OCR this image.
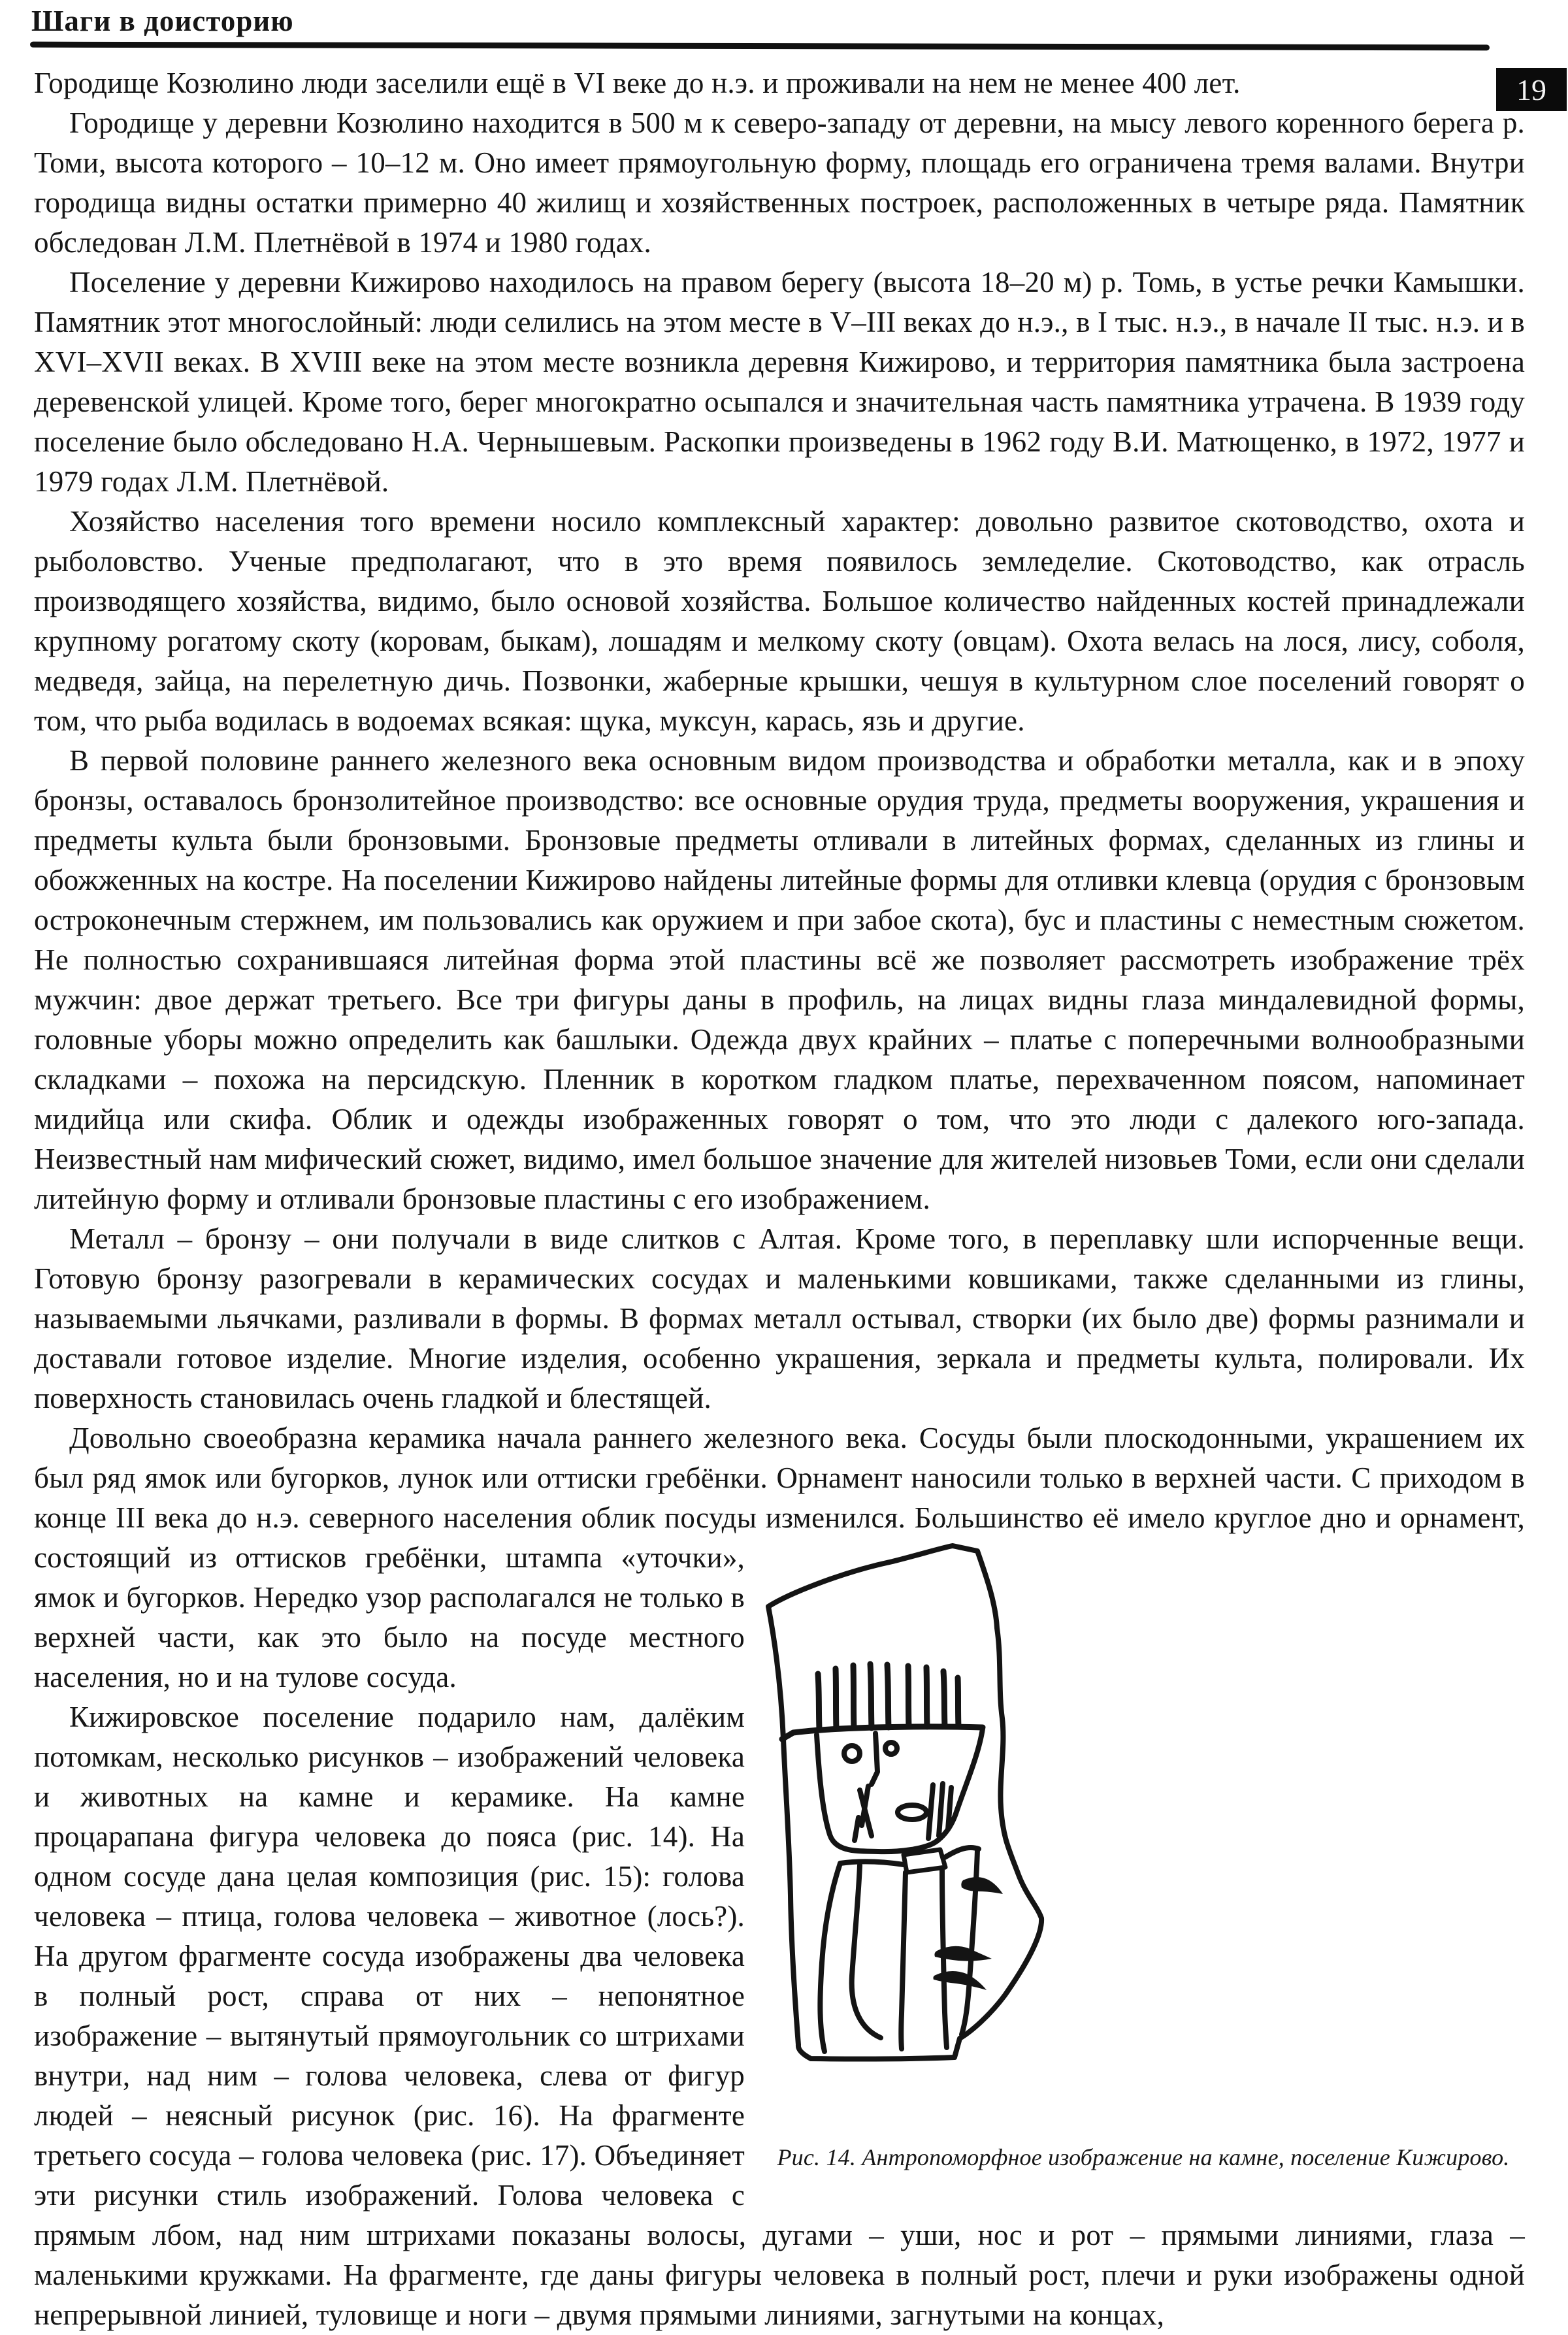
Шаги в доисторию
19

Городище Козюлино люди заселили ещё в VI веке до н.э. и проживали на нем не менее 400 лет.

Городище у деревни Козюлино находится в 500 м к северо-западу от деревни, на мысу левого коренного берега р. Томи, высота которого – 10–12 м. Оно имеет прямоугольную форму, площадь его ограничена тремя валами. Внутри городища видны остатки примерно 40 жилищ и хозяйственных построек, расположенных в четыре ряда. Памятник обследован Л.М. Плетнёвой в 1974 и 1980 годах.

Поселение у деревни Кижирово находилось на правом берегу (высота 18–20 м) р. Томь, в устье речки Камышки. Памятник этот многослойный: люди селились на этом месте в V–III веках до н.э., в I тыс. н.э., в начале II тыс. н.э. и в XVI–XVII веках. В XVIII веке на этом месте возникла деревня Кижирово, и территория памятника была застроена деревенской улицей. Кроме того, берег многократно осыпался и значительная часть памятника утрачена. В 1939 году поселение было обследовано Н.А. Чернышевым. Раскопки произведены в 1962 году В.И. Матющенко, в 1972, 1977 и 1979 годах Л.М. Плетнёвой.

Хозяйство населения того времени носило комплексный характер: довольно развитое скотоводство, охота и рыболовство. Ученые предполагают, что в это время появилось земледелие. Скотоводство, как отрасль производящего хозяйства, видимо, было основой хозяйства. Большое количество найденных костей принадлежали крупному рогатому скоту (коровам, быкам), лошадям и мелкому скоту (овцам). Охота велась на лося, лису, соболя, медведя, зайца, на перелетную дичь. Позвонки, жаберные крышки, чешуя в культурном слое поселений говорят о том, что рыба водилась в водоемах всякая: щука, муксун, карась, язь и другие.

В первой половине раннего железного века основным видом производства и обработки металла, как и в эпоху бронзы, оставалось бронзолитейное производство: все основные орудия труда, предметы вооружения, украшения и предметы культа были бронзовыми. Бронзовые предметы отливали в литейных формах, сделанных из глины и обожженных на костре. На поселении Кижирово найдены литейные формы для отливки клевца (орудия с бронзовым остроконечным стержнем, им пользовались как оружием и при забое скота), бус и пластины с неместным сюжетом. Не полностью сохранившаяся литейная форма этой пластины всё же позволяет рассмотреть изображение трёх мужчин: двое держат третьего. Все три фигуры даны в профиль, на лицах видны глаза миндалевидной формы, головные уборы можно определить как башлыки. Одежда двух крайних – платье с поперечными волнообразными складками – похожа на персидскую. Пленник в коротком гладком платье, перехваченном поясом, напоминает мидийца или скифа. Облик и одежды изображенных говорят о том, что это люди с далекого юго-запада. Неизвестный нам мифический сюжет, видимо, имел большое значение для жителей низовьев Томи, если они сделали литейную форму и отливали бронзовые пластины с его изображением.

Металл – бронзу – они получали в виде слитков с Алтая. Кроме того, в переплавку шли испорченные вещи. Готовую бронзу разогревали в керамических сосудах и маленькими ковшиками, также сделанными из глины, называемыми льячками, разливали в формы. В формах металл остывал, створки (их было две) формы разнимали и доставали готовое изделие. Многие изделия, особенно украшения, зеркала и предметы культа, полировали. Их поверхность становилась очень гладкой и блестящей.

Довольно своеобразна керамика начала раннего железного века. Сосуды были плоскодонными, украшением их был ряд ямок или бугорков, лунок или оттиски гребёнки. Орнамент наносили только в верхней части. С приходом в конце III века до н.э. северного населения облик посуды изменился.
Рис. 14. Антропоморфное изображение на камне, поселение Кижирово.
Большинство её имело круглое дно и орнамент, состоящий из оттисков гребёнки, штампа «уточки», ямок и бугорков. Нередко узор располагался не только в верхней части, как это было на посуде местного населения, но и на тулове сосуда.

Кижировское поселение подарило нам, далёким потомкам, несколько рисунков – изображений человека и животных на камне и керамике. На камне процарапана фигура человека до пояса (рис. 14). На одном сосуде дана целая композиция (рис. 15): голова человека – птица, голова человека – животное (лось?). На другом фрагменте сосуда изображены два человека в полный рост, справа от них – непонятное изображение – вытянутый прямоугольник со штрихами внутри, над ним – голова человека, слева от фигур людей – неясный рисунок (рис. 16). На фрагменте третьего сосуда – голова человека (рис. 17). Объединяет эти рисунки стиль изображений. Голова человека с прямым лбом, над ним штрихами показаны волосы, дугами – уши, нос и рот – прямыми линиями, глаза – маленькими кружками. На фрагменте, где даны фигуры человека в полный рост, плечи и руки изображены одной непрерывной линией, туловище и ноги – двумя прямыми линиями, загнутыми на концах,
